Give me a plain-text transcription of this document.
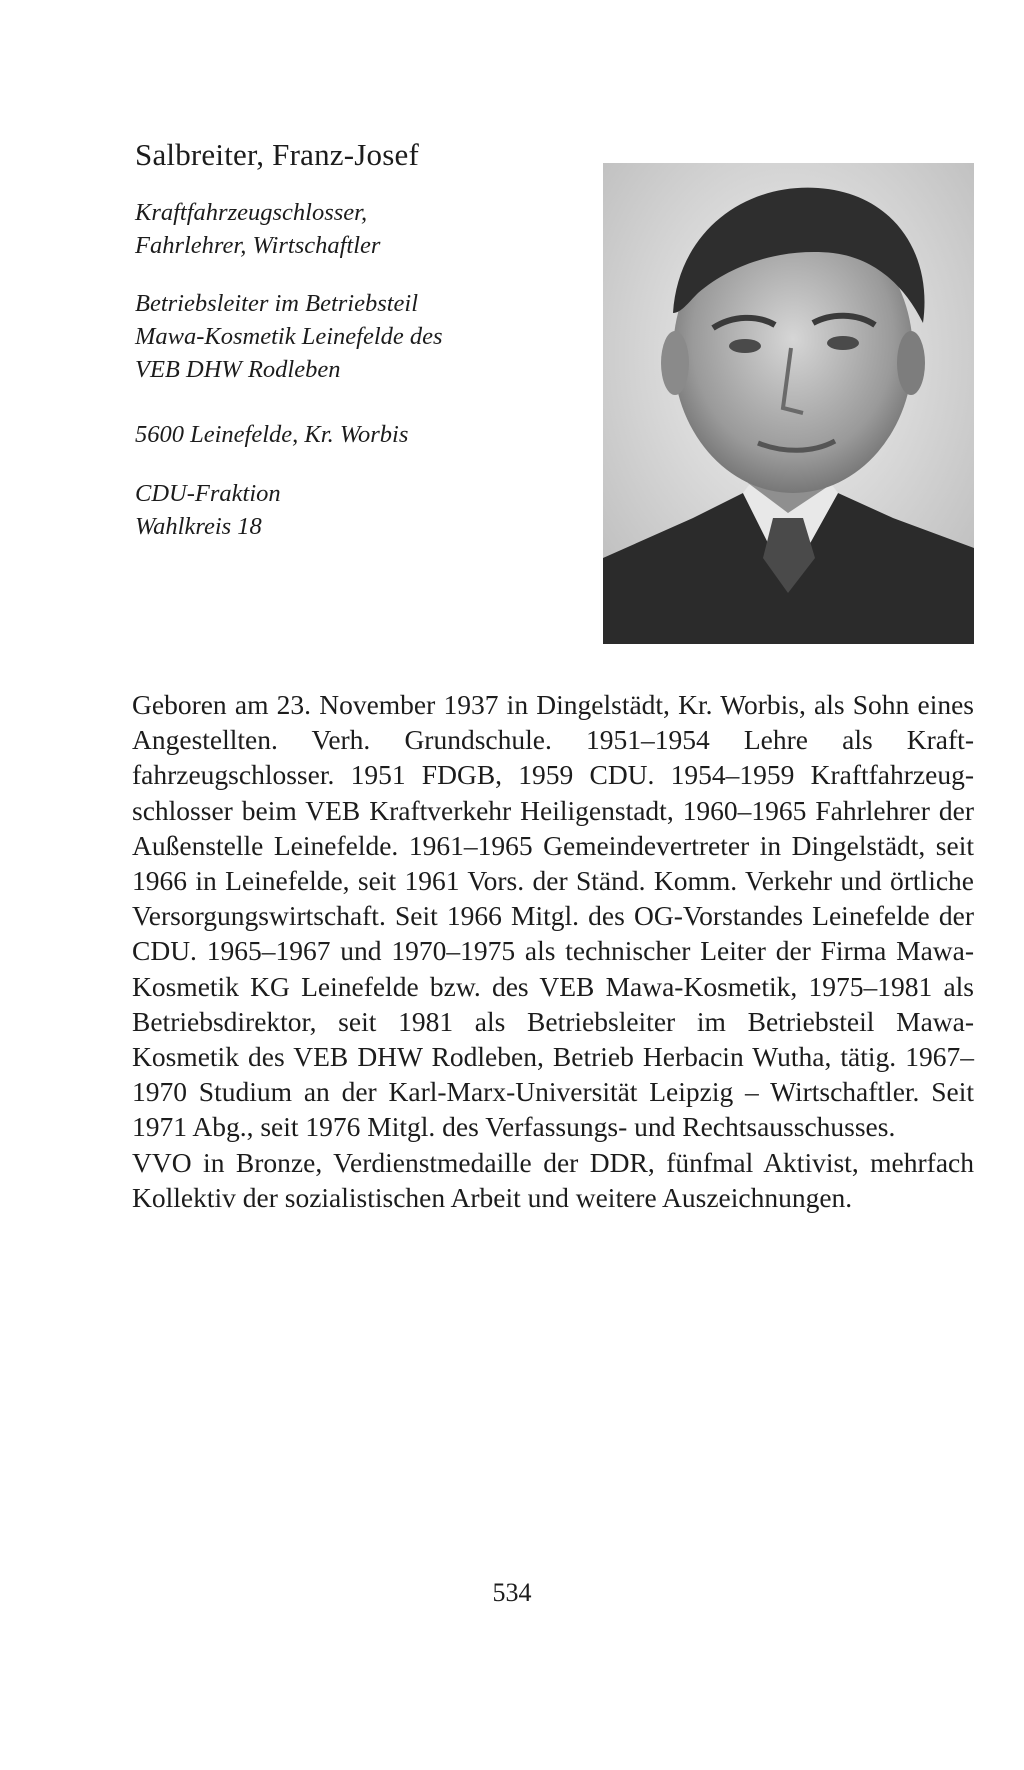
Salbreiter, Franz-Josef
Kraftfahrzeugschlosser,
Fahrlehrer, Wirtschaftler
Betriebsleiter im Betriebsteil
Mawa-Kosmetik Leinefelde des
VEB DHW Rodleben
5600 Leinefelde, Kr. Worbis
CDU-Fraktion
Wahlkreis 18

Geboren am 23. November 1937 in Dingelstädt, Kr. Worbis, als Sohn eines Angestellten. Verh. Grundschule. 1951–1954 Lehre als Kraftfahrzeugschlosser. 1951 FDGB, 1959 CDU. 1954–1959 Kraftfahrzeugschlosser beim VEB Kraftverkehr Heiligenstadt, 1960–1965 Fahrlehrer der Außenstelle Leinefelde. 1961–1965 Gemeindevertreter in Dingelstädt, seit 1966 in Leinefelde, seit 1961 Vors. der Ständ. Komm. Verkehr und örtliche Versorgungswirtschaft. Seit 1966 Mitgl. des OG-Vorstandes Leinefelde der CDU. 1965–1967 und 1970–1975 als technischer Leiter der Firma Mawa-Kosmetik KG Leinefelde bzw. des VEB Mawa-Kosmetik, 1975–1981 als Betriebsdirektor, seit 1981 als Betriebsleiter im Betriebsteil Mawa-Kosmetik des VEB DHW Rodleben, Betrieb Herbacin Wutha, tätig. 1967–1970 Studium an der Karl-Marx-Universität Leipzig – Wirtschaftler. Seit 1971 Abg., seit 1976 Mitgl. des Verfassungs- und Rechtsausschusses.

VVO in Bronze, Verdienstmedaille der DDR, fünfmal Aktivist, mehrfach Kollektiv der sozialistischen Arbeit und weitere Auszeichnungen.

534
